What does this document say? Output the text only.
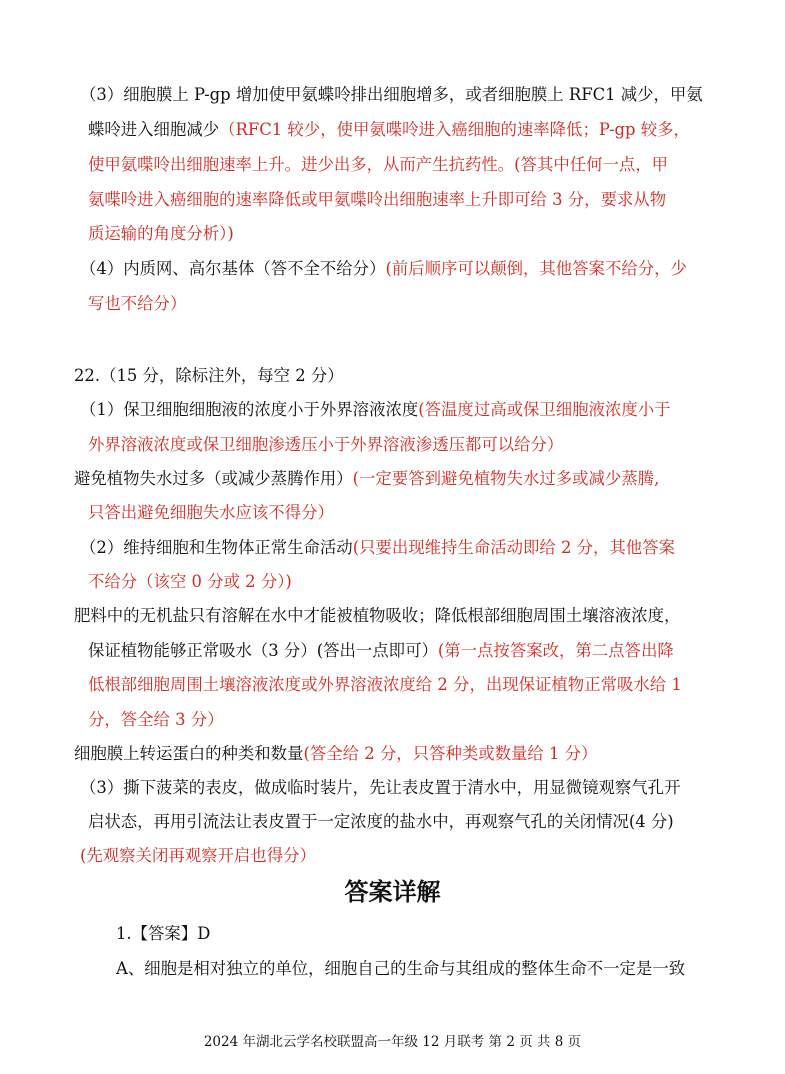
（3）细胞膜上 P-gp 增加使甲氨蝶呤排出细胞增多，或者细胞膜上 RFC1 减少，甲氨
蝶呤进入细胞减少（RFC1 较少，使甲氨喋呤进入癌细胞的速率降低；P-gp 较多，
使甲氨喋呤出细胞速率上升。进少出多，从而产生抗药性。(答其中任何一点，甲
氨喋呤进入癌细胞的速率降低或甲氨喋呤出细胞速率上升即可给 3 分，要求从物
质运输的角度分析）)
（4）内质网、高尔基体（答不全不给分）(前后顺序可以颠倒，其他答案不给分，少
写也不给分）
22.（15 分，除标注外，每空 2 分）
（1）保卫细胞细胞液的浓度小于外界溶液浓度(答温度过高或保卫细胞液浓度小于
外界溶液浓度或保卫细胞渗透压小于外界溶液渗透压都可以给分）
避免植物失水过多（或减少蒸腾作用）(一定要答到避免植物失水过多或减少蒸腾,
只答出避免细胞失水应该不得分）
（2）维持细胞和生物体正常生命活动(只要出现维持生命活动即给 2 分，其他答案
不给分（该空 0 分或 2 分）)
肥料中的无机盐只有溶解在水中才能被植物吸收；降低根部细胞周围土壤溶液浓度，
保证植物能够正常吸水（3 分）(答出一点即可）(第一点按答案改，第二点答出降
低根部细胞周围土壤溶液浓度或外界溶液浓度给 2 分，出现保证植物正常吸水给 1
分，答全给 3 分）
细胞膜上转运蛋白的种类和数量(答全给 2 分，只答种类或数量给 1 分）
（3）撕下菠菜的表皮，做成临时装片，先让表皮置于清水中，用显微镜观察气孔开
启状态，再用引流法让表皮置于一定浓度的盐水中，再观察气孔的关闭情况(4 分)
(先观察关闭再观察开启也得分）
答案详解
1.【答案】D
A、细胞是相对独立的单位，细胞自己的生命与其组成的整体生命不一定是一致
2024 年湖北云学名校联盟高一年级 12 月联考 第 2 页 共 8 页
